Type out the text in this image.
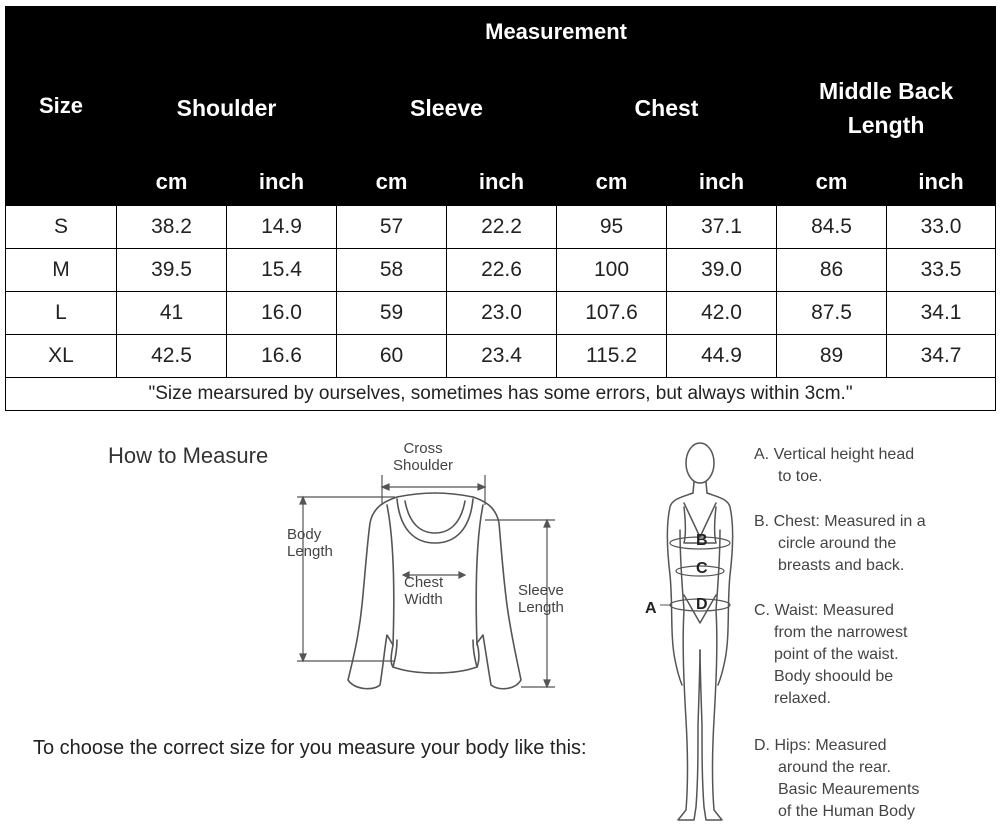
Size	Measurement							
	Shoulder		Sleeve		Chest		Middle Back Length	
	cm	inch	cm	inch	cm	inch	cm	inch
S	38.2	14.9	57	22.2	95	37.1	84.5	33.0
M	39.5	15.4	58	22.6	100	39.0	86	33.5
L	41	16.0	59	23.0	107.6	42.0	87.5	34.1
XL	42.5	16.6	60	23.4	115.2	44.9	89	34.7
"Size mearsured by ourselves, sometimes has some errors, but always within 3cm."								
How to Measure	Cross
Shoulder
Body
Length
Chest
Width
Sleeve
Length
To choose the correct size for you measure your body like this:
A
B
C
D
A. Vertical height head
to toe.
B. Chest: Measured in a
circle around the
breasts and back.
C. Waist: Measured
from the narrowest
point of the waist.
Body shoould be
relaxed.
D. Hips: Measured
around the rear.
Basic Meaurements
of the Human Body
